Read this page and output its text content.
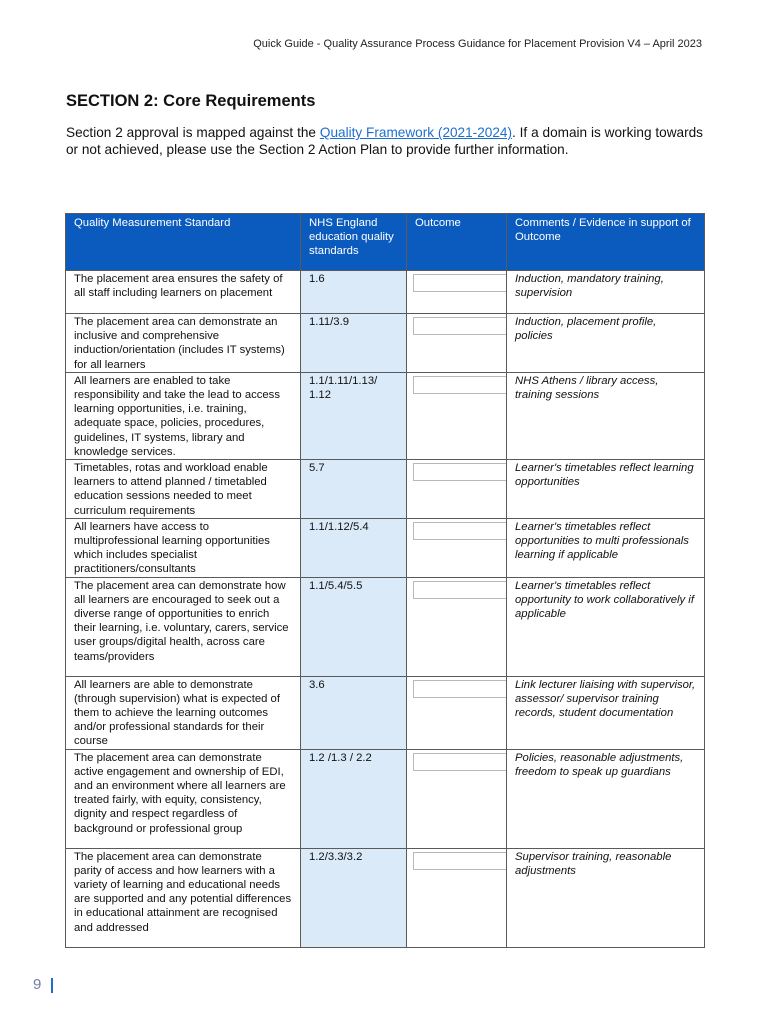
Quick Guide - Quality Assurance Process Guidance for Placement Provision V4 – April 2023
SECTION 2: Core Requirements

Section 2 approval is mapped against the Quality Framework (2021-2024). If a domain is working towards or not achieved, please use the Section 2 Action Plan to provide further information.

Quality Measurement Standard	NHS England education quality standards	Outcome	Comments / Evidence in support of Outcome
The placement area ensures the safety of all staff including learners on placement	1.6		Induction, mandatory training, supervision
The placement area can demonstrate an inclusive and comprehensive induction/orientation (includes IT systems) for all learners	1.11/3.9		Induction, placement profile, policies
All learners are enabled to take responsibility and take the lead to access learning opportunities, i.e. training, adequate space, policies, procedures, guidelines, IT systems, library and knowledge services.	1.1/1.11/1.13/ 1.12		NHS Athens / library access, training sessions
Timetables, rotas and workload enable learners to attend planned / timetabled education sessions needed to meet curriculum requirements	5.7		Learner's timetables reflect learning opportunities
All learners have access to multiprofessional learning opportunities which includes specialist practitioners/consultants	1.1/1.12/5.4		Learner's timetables reflect opportunities to multi professionals learning if applicable
The placement area can demonstrate how all learners are encouraged to seek out a diverse range of opportunities to enrich their learning, i.e. voluntary, carers, service user groups/digital health, across care teams/providers	1.1/5.4/5.5		Learner's timetables reflect opportunity to work collaboratively if applicable
All learners are able to demonstrate (through supervision) what is expected of them to achieve the learning outcomes and/or professional standards for their course	3.6		Link lecturer liaising with supervisor, assessor/ supervisor training records, student documentation
The placement area can demonstrate active engagement and ownership of EDI, and an environment where all learners are treated fairly, with equity, consistency, dignity and respect regardless of background or professional group	1.2 /1.3 / 2.2		Policies, reasonable adjustments, freedom to speak up guardians
The placement area can demonstrate parity of access and how learners with a variety of learning and educational needs are supported and any potential differences in educational attainment are recognised and addressed	1.2/3.3/3.2		Supervisor training, reasonable adjustments
9
